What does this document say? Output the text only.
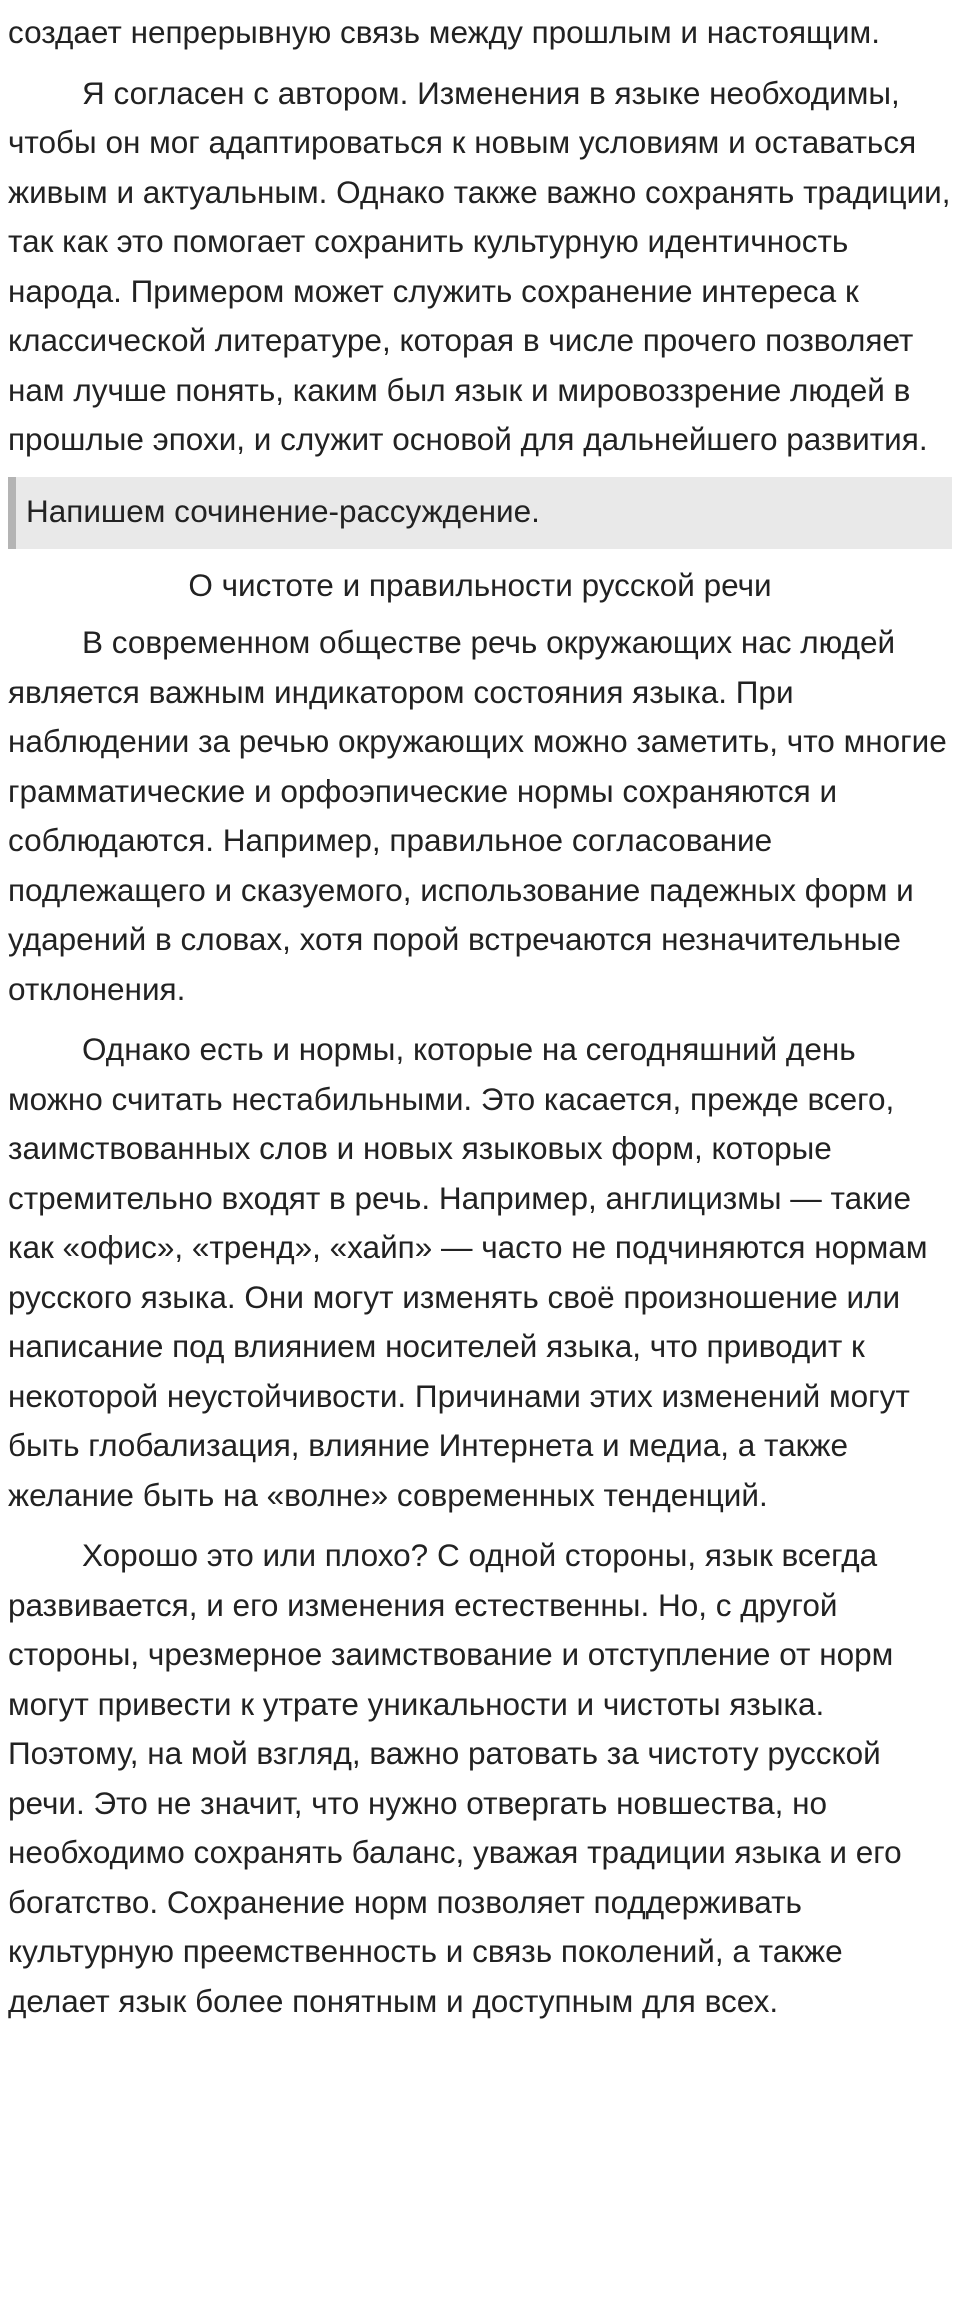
создает непрерывную связь между прошлым и настоящим.

Я согласен с автором. Изменения в языке необходимы, чтобы он мог адаптироваться к новым условиям и оставаться живым и актуальным. Однако также важно сохранять традиции, так как это помогает сохранить культурную идентичность народа. Примером может служить сохранение интереса к классической литературе, которая в числе прочего позволяет нам лучше понять, каким был язык и мировоззрение людей в прошлые эпохи, и служит основой для дальнейшего развития.

Напишем сочинение-рассуждение.

О чистоте и правильности русской речи

В современном обществе речь окружающих нас людей является важным индикатором состояния языка. При наблюдении за речью окружающих можно заметить, что многие грамматические и орфоэпические нормы сохраняются и соблюдаются. Например, правильное согласование подлежащего и сказуемого, использование падежных форм и ударений в словах, хотя порой встречаются незначительные отклонения.

Однако есть и нормы, которые на сегодняшний день можно считать нестабильными. Это касается, прежде всего, заимствованных слов и новых языковых форм, которые стремительно входят в речь. Например, англицизмы — такие как «офис», «тренд», «хайп» — часто не подчиняются нормам русского языка. Они могут изменять своё произношение или написание под влиянием носителей языка, что приводит к некоторой неустойчивости. Причинами этих изменений могут быть глобализация, влияние Интернета и медиа, а также желание быть на «волне» современных тенденций.

Хорошо это или плохо? С одной стороны, язык всегда развивается, и его изменения естественны. Но, с другой стороны, чрезмерное заимствование и отступление от норм могут привести к утрате уникальности и чистоты языка. Поэтому, на мой взгляд, важно ратовать за чистоту русской речи. Это не значит, что нужно отвергать новшества, но необходимо сохранять баланс, уважая традиции языка и его богатство. Сохранение норм позволяет поддерживать культурную преемственность и связь поколений, а также делает язык более понятным и доступным для всех.
